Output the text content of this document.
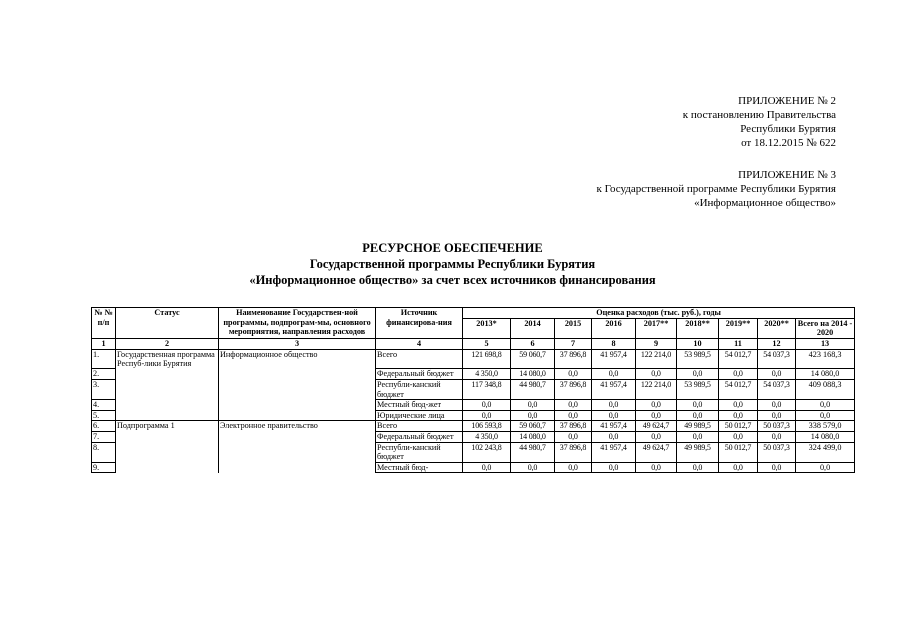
ПРИЛОЖЕНИЕ № 2
к постановлению Правительства
Республики Бурятия
от 18.12.2015 № 622
ПРИЛОЖЕНИЕ № 3
к Государственной программе Республики Бурятия
«Информационное общество»
РЕСУРСНОЕ ОБЕСПЕЧЕНИЕ
Государственной программы Республики Бурятия
«Информационное общество» за счет всех источников финансирования
№ № п/п	Статус	Наименование Государствен-ной программы, подпрограм-мы, основного мероприятия, направления расходов	Источник финансирова-ния	Оценка расходов (тыс. руб.), годы								
				2013*	2014	2015	2016	2017**	2018**	2019**	2020**	Всего на 2014 - 2020
1	2	3	4	5	6	7	8	9	10	11	12	13
1.	Государственная программа Респуб-лики Бурятия	Информационное общество	Всего	121 698,8	59 060,7	37 896,8	41 957,4	122 214,0	53 989,5	54 012,7	54 037,3	423 168,3
2.			Федеральный бюджет	4 350,0	14 080,0	0,0	0,0	0,0	0,0	0,0	0,0	14 080,0
3.			Республи-канский бюджет	117 348,8	44 980,7	37 896,8	41 957,4	122 214,0	53 989,5	54 012,7	54 037,3	409 088,3
4.			Местный бюд-жет	0,0	0,0	0,0	0,0	0,0	0,0	0,0	0,0	0,0
5.			Юридические лица	0,0	0,0	0,0	0,0	0,0	0,0	0,0	0,0	0,0
6.	Подпрограмма 1	Электронное правительство	Всего	106 593,8	59 060,7	37 896,8	41 957,4	49 624,7	49 989,5	50 012,7	50 037,3	338 579,0
7.			Федеральный бюджет	4 350,0	14 080,0	0,0	0,0	0,0	0,0	0,0	0,0	14 080,0
8.			Республи-канский бюджет	102 243,8	44 980,7	37 896,8	41 957,4	49 624,7	49 989,5	50 012,7	50 037,3	324 499,0
9.			Местный бюд-	0,0	0,0	0,0	0,0	0,0	0,0	0,0	0,0	0,0
